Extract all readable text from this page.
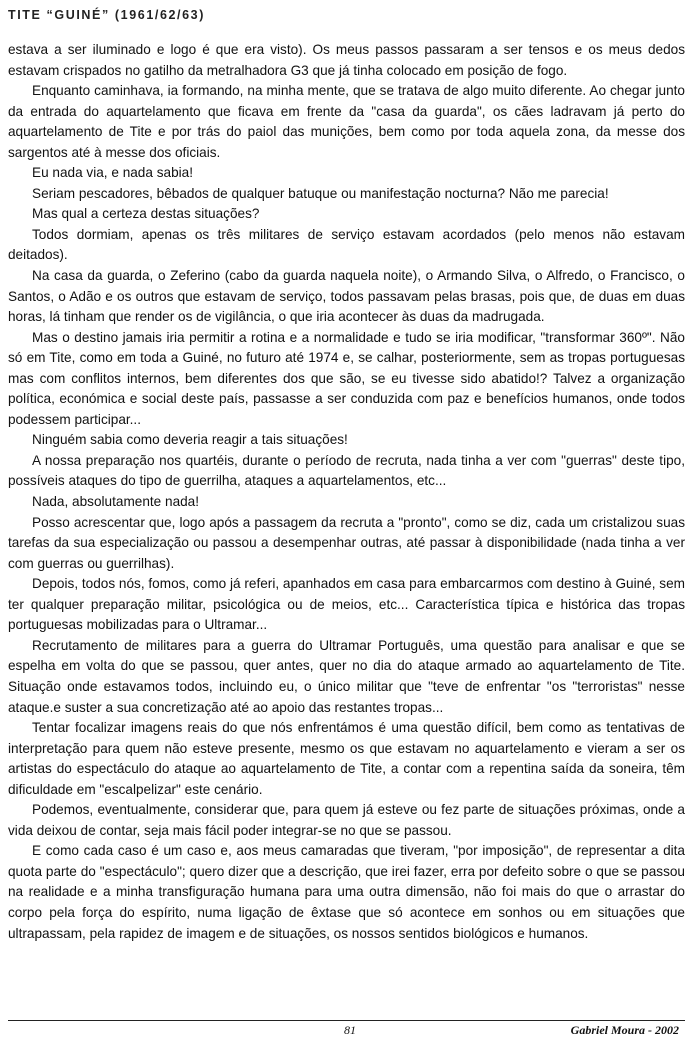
TITE “GUINÉ” (1961/62/63)

estava a ser iluminado e logo é que era visto). Os meus passos passaram a ser tensos e os meus dedos estavam crispados no gatilho da metralhadora G3 que já tinha colocado em posição de fogo.

Enquanto caminhava, ia formando, na minha mente, que se tratava de algo muito diferente. Ao chegar junto da entrada do aquartelamento que ficava em frente da "casa da guarda", os cães ladravam já perto do aquartelamento de Tite e por trás do paiol das munições, bem como por toda aquela zona, da messe dos sargentos até à messe dos oficiais.

Eu nada via, e nada sabia!

Seriam pescadores, bêbados de qualquer batuque ou manifestação nocturna? Não me parecia!

Mas qual a certeza destas situações?

Todos dormiam, apenas os três militares de serviço estavam acordados (pelo menos não estavam deitados).

Na casa da guarda, o Zeferino (cabo da guarda naquela noite), o Armando Silva, o Alfredo, o Francisco, o Santos, o Adão e os outros que estavam de serviço, todos passavam pelas brasas, pois que, de duas em duas horas, lá tinham que render os de vigilância, o que iria acontecer às duas da madrugada.

Mas o destino jamais iria permitir a rotina e a normalidade e tudo se iria modificar, "transformar 360º". Não só em Tite, como em toda a Guiné, no futuro até 1974 e, se calhar, posteriormente, sem as tropas portuguesas mas com conflitos internos, bem diferentes dos que são, se eu tivesse sido abatido!? Talvez a organização política, económica e social deste país, passasse a ser conduzida com paz e benefícios humanos, onde todos podessem participar...

Ninguém sabia como deveria reagir a tais situações!

A nossa preparação nos quartéis, durante o período de recruta, nada tinha a ver com "guerras" deste tipo, possíveis ataques do tipo de guerrilha, ataques a aquartelamentos, etc...

Nada, absolutamente nada!

Posso acrescentar que, logo após a passagem da recruta a "pronto", como se diz, cada um cristalizou suas tarefas da sua especialização ou passou a desempenhar outras, até passar à disponibilidade (nada tinha a ver com guerras ou guerrilhas).

Depois, todos nós, fomos, como já referi, apanhados em casa para embarcarmos com destino à Guiné, sem ter qualquer preparação militar, psicológica ou de meios, etc... Característica típica e histórica das tropas portuguesas mobilizadas para o Ultramar...

Recrutamento de militares para a guerra do Ultramar Português, uma questão para analisar e que se espelha em volta do que se passou, quer antes, quer no dia do ataque armado ao aquartelamento de Tite. Situação onde estavamos todos, incluindo eu, o único militar que "teve de enfrentar "os "terroristas" nesse ataque.e suster a sua concretização até ao apoio das restantes tropas...

Tentar focalizar imagens reais do que nós enfrentámos é uma questão difícil, bem como as tentativas de interpretação para quem não esteve presente, mesmo os que estavam no aquartelamento e vieram a ser os artistas do espectáculo do ataque ao aquartelamento de Tite, a contar com a repentina saída da soneira, têm dificuldade em "escalpelizar" este cenário.

Podemos, eventualmente, considerar que, para quem já esteve ou fez parte de situações próximas, onde a vida deixou de contar, seja mais fácil poder integrar-se no que se passou.

E como cada caso é um caso e, aos meus camaradas que tiveram, "por imposição", de representar a dita quota parte do "espectáculo"; quero dizer que a descrição, que irei fazer, erra por defeito sobre o que se passou na realidade e a minha transfiguração humana para uma outra dimensão, não foi mais do que o arrastar do corpo pela força do espírito, numa ligação de êxtase que só acontece em sonhos ou em situações que ultrapassam, pela rapidez de imagem e de situações, os nossos sentidos biológicos e humanos.

81	Gabriel Moura - 2002
